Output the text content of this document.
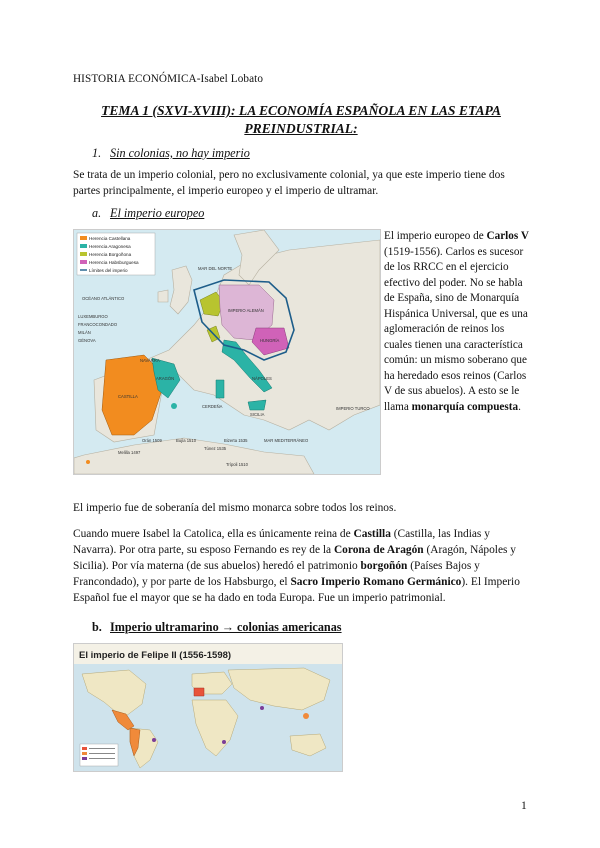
HISTORIA ECONÓMICA-Isabel Lobato
TEMA 1 (SXVI-XVIII): LA ECONOMÍA ESPAÑOLA EN LAS ETAPA PREINDUSTRIAL:
1. Sin colonias, no hay imperio
Se trata de un imperio colonial, pero no exclusivamente colonial, ya que este imperio tiene dos partes principalmente, el imperio europeo y el imperio de ultramar.
a. El imperio europeo
Herencia Castellana
Herencia Aragonesa
Herencia Borgoñona
Herencia Habsburguesa
Límites del imperio
OCÉANO ATLÁNTICO
MAR DEL NORTE
MAR MEDITERRÁNEO
IMPERIO TURCO
CASTILLA
ARAGÓN
NAVARRA
IMPERIO ALEMÁN
HUNGRÍA
NÁPOLES
SICILIA
CERDEÑA
LUXEMBURGO
FRANCOCONDADO
MILÁN
GÉNOVA
Orán 1509	Bujía 1510
Trípoli 1510
Túnez 1535
Melilla 1497
Bizerta 1535
El imperio europeo de Carlos V (1519-1556). Carlos es sucesor de los RRCC en el ejercicio efectivo del poder. No se habla de España, sino de Monarquía Hispánica Universal, que es una aglomeración de reinos los cuales tienen una característica común: un mismo soberano que ha heredado esos reinos (Carlos V de sus abuelos). A esto se le llama monarquía compuesta.
El imperio fue de soberanía del mismo monarca sobre todos los reinos.
Cuando muere Isabel la Catolica, ella es únicamente reina de Castilla (Castilla, las Indias y Navarra). Por otra parte, su esposo Fernando es rey de la Corona de Aragón (Aragón, Nápoles y Sicilia). Por vía materna (de sus abuelos) heredó el patrimonio borgoñón (Países Bajos y Francondado), y por parte de los Habsburgo, el Sacro Imperio Romano Germánico). El Imperio Español fue el mayor que se ha dado en toda Europa. Fue un imperio patrimonial.
b. Imperio ultramarino → colonias americanas
El imperio de Felipe II (1556-1598)
1
